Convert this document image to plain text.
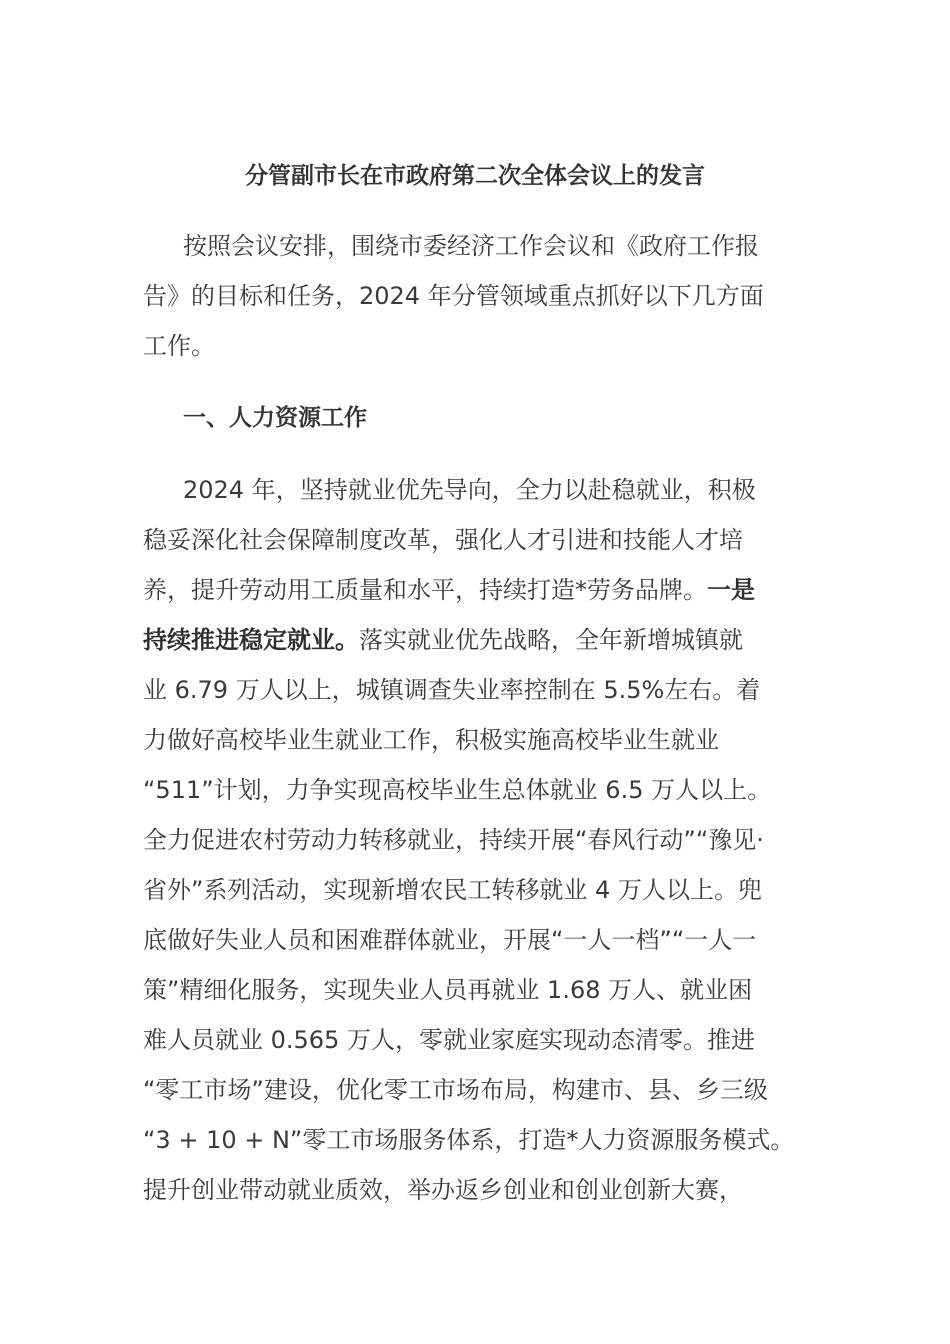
分管副市长在市政府第二次全体会议上的发言
按照会议安排，围绕市委经济工作会议和《政府工作报
告》的目标和任务，2024 年分管领域重点抓好以下几方面
工作。
一、人力资源工作
2024 年，坚持就业优先导向，全力以赴稳就业，积极
稳妥深化社会保障制度改革，强化人才引进和技能人才培
养，提升劳动用工质量和水平，持续打造*劳务品牌。一是
持续推进稳定就业。落实就业优先战略，全年新增城镇就
业 6.79 万人以上，城镇调查失业率控制在 5.5%左右。着
力做好高校毕业生就业工作，积极实施高校毕业生就业
“511”计划，力争实现高校毕业生总体就业 6.5 万人以上。
全力促进农村劳动力转移就业，持续开展“春风行动”“豫见·
省外”系列活动，实现新增农民工转移就业 4 万人以上。兜
底做好失业人员和困难群体就业，开展“一人一档”“一人一
策”精细化服务，实现失业人员再就业 1.68 万人、就业困
难人员就业 0.565 万人，零就业家庭实现动态清零。推进
“零工市场”建设，优化零工市场布局，构建市、县、乡三级
“3 + 10 + N”零工市场服务体系，打造*人力资源服务模式。
提升创业带动就业质效，举办返乡创业和创业创新大赛，
